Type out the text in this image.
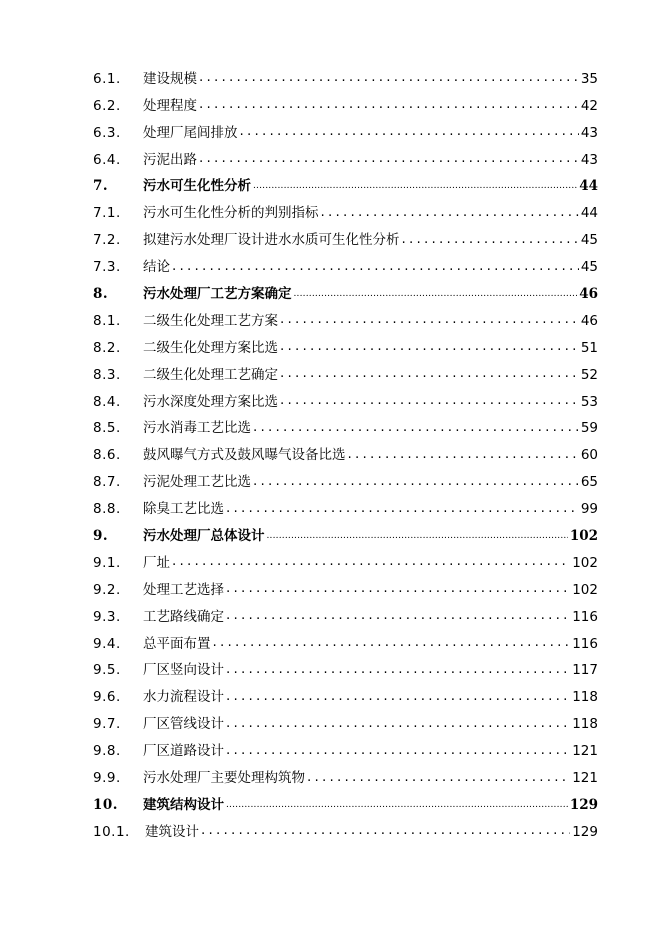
6.1.	建设规模 .....	35
6.2.	处理程度 .....	42
6.3.	处理厂尾闾排放 .....	43
6.4.	污泥出路 .....	43
7.	污水可生化性分析 .....	44
7.1.	污水可生化性分析的判别指标 .....	44
7.2.	拟建污水处理厂设计进水水质可生化性分析 .....	45
7.3.	结论 .....	45
8.	污水处理厂工艺方案确定 .....	46
8.1.	二级生化处理工艺方案 .....	46
8.2.	二级生化处理方案比选 .....	51
8.3.	二级生化处理工艺确定 .....	52
8.4.	污水深度处理方案比选 .....	53
8.5.	污水消毒工艺比选 .....	59
8.6.	鼓风曝气方式及鼓风曝气设备比选 .....	60
8.7.	污泥处理工艺比选 .....	65
8.8.	除臭工艺比选 .....	99
9.	污水处理厂总体设计 .....	102
9.1.	厂址 .....	102
9.2.	处理工艺选择 .....	102
9.3.	工艺路线确定 .....	116
9.4.	总平面布置 .....	116
9.5.	厂区竖向设计 .....	117
9.6.	水力流程设计 .....	118
9.7.	厂区管线设计 .....	118
9.8.	厂区道路设计 .....	121
9.9.	污水处理厂主要处理构筑物 .....	121
10.	建筑结构设计 .....	129
10.1.	建筑设计 .....	129
